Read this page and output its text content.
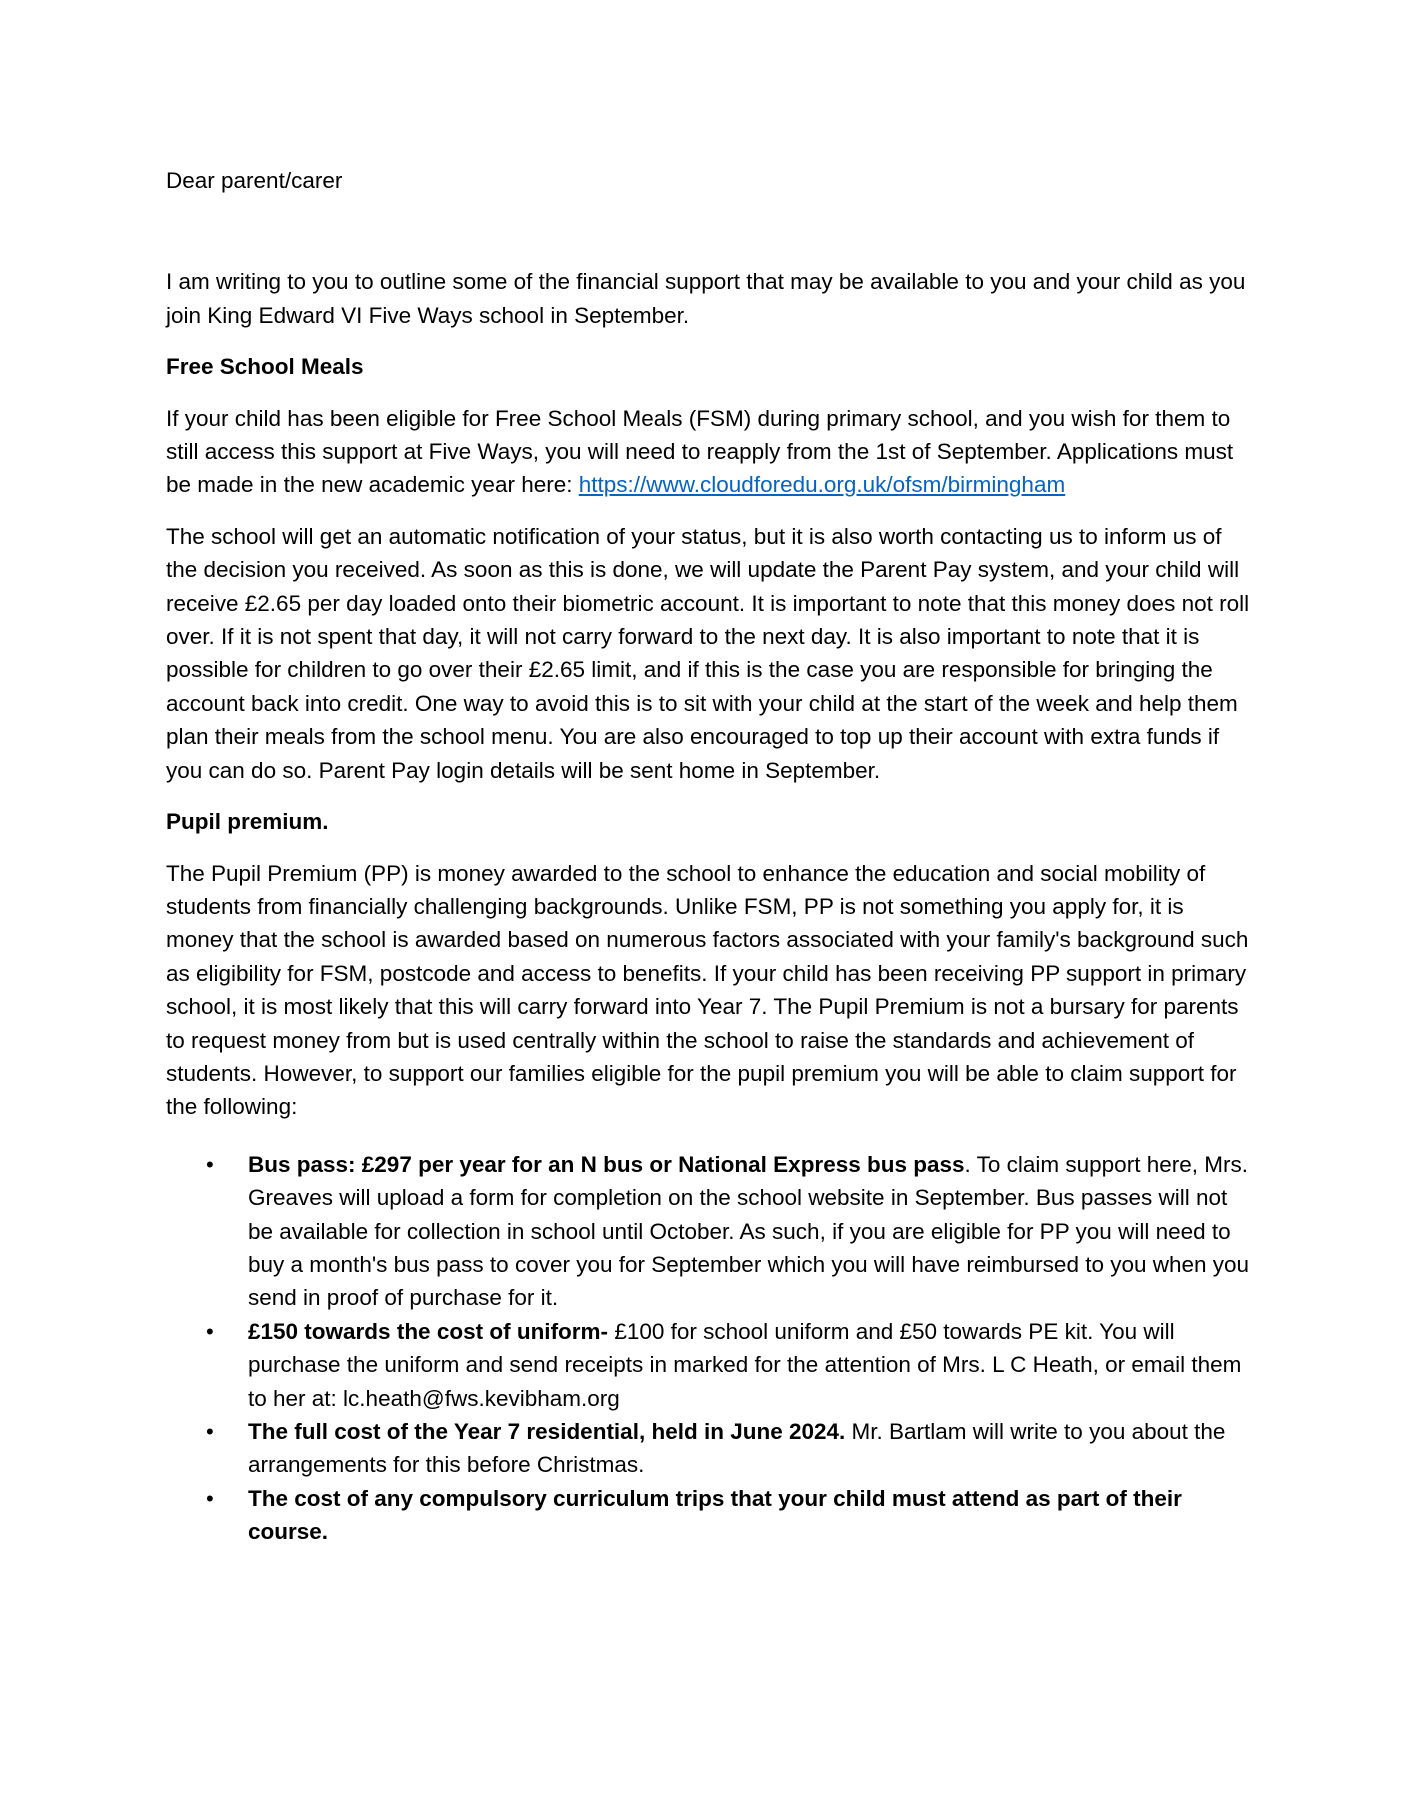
Dear parent/carer

I am writing to you to outline some of the financial support that may be available to you and your child as you join King Edward VI Five Ways school in September.

Free School Meals

If your child has been eligible for Free School Meals (FSM) during primary school, and you wish for them to still access this support at Five Ways, you will need to reapply from the 1st of September. Applications must be made in the new academic year here: https://www.cloudforedu.org.uk/ofsm/birmingham

The school will get an automatic notification of your status, but it is also worth contacting us to inform us of the decision you received. As soon as this is done, we will update the Parent Pay system, and your child will receive £2.65 per day loaded onto their biometric account. It is important to note that this money does not roll over. If it is not spent that day, it will not carry forward to the next day. It is also important to note that it is possible for children to go over their £2.65 limit, and if this is the case you are responsible for bringing the account back into credit. One way to avoid this is to sit with your child at the start of the week and help them plan their meals from the school menu. You are also encouraged to top up their account with extra funds if you can do so. Parent Pay login details will be sent home in September.

Pupil premium.

The Pupil Premium (PP) is money awarded to the school to enhance the education and social mobility of students from financially challenging backgrounds. Unlike FSM, PP is not something you apply for, it is money that the school is awarded based on numerous factors associated with your family's background such as eligibility for FSM, postcode and access to benefits. If your child has been receiving PP support in primary school, it is most likely that this will carry forward into Year 7. The Pupil Premium is not a bursary for parents to request money from but is used centrally within the school to raise the standards and achievement of students. However, to support our families eligible for the pupil premium you will be able to claim support for the following:

• Bus pass: £297 per year for an N bus or National Express bus pass. To claim support here, Mrs. Greaves will upload a form for completion on the school website in September. Bus passes will not be available for collection in school until October. As such, if you are eligible for PP you will need to buy a month's bus pass to cover you for September which you will have reimbursed to you when you send in proof of purchase for it.
• £150 towards the cost of uniform- £100 for school uniform and £50 towards PE kit. You will purchase the uniform and send receipts in marked for the attention of Mrs. L C Heath, or email them to her at: lc.heath@fws.kevibham.org
• The full cost of the Year 7 residential, held in June 2024. Mr. Bartlam will write to you about the arrangements for this before Christmas.
• The cost of any compulsory curriculum trips that your child must attend as part of their course.
